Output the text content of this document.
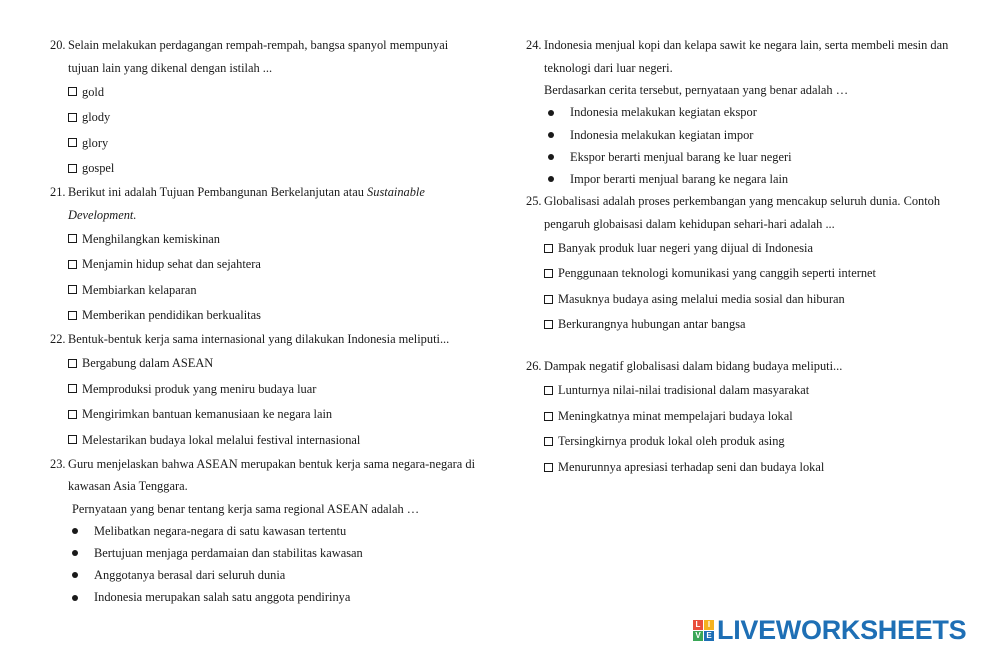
20. Selain melakukan perdagangan rempah-rempah, bangsa spanyol mempunyai
tujuan lain yang dikenal dengan istilah ...
gold
glody
glory
gospel
21. Berikut ini adalah Tujuan Pembangunan Berkelanjutan atau Sustainable
Development.
Menghilangkan kemiskinan
Menjamin hidup sehat dan sejahtera
Membiarkan kelaparan
Memberikan pendidikan berkualitas
22. Bentuk-bentuk kerja sama internasional yang dilakukan Indonesia meliputi...
Bergabung dalam ASEAN
Memproduksi produk yang meniru budaya luar
Mengirimkan bantuan kemanusiaan ke negara lain
Melestarikan budaya lokal melalui festival internasional
23. Guru menjelaskan bahwa ASEAN merupakan bentuk kerja sama negara-negara di
kawasan Asia Tenggara.
Pernyataan yang benar tentang kerja sama regional ASEAN adalah …
Melibatkan negara-negara di satu kawasan tertentu
Bertujuan menjaga perdamaian dan stabilitas kawasan
Anggotanya berasal dari seluruh dunia
Indonesia merupakan salah satu anggota pendirinya
24. Indonesia menjual kopi dan kelapa sawit ke negara lain, serta membeli mesin dan
teknologi dari luar negeri.
Berdasarkan cerita tersebut, pernyataan yang benar adalah …
Indonesia melakukan kegiatan ekspor
Indonesia melakukan kegiatan impor
Ekspor berarti menjual barang ke luar negeri
Impor berarti menjual barang ke negara lain
25. Globalisasi adalah proses perkembangan yang mencakup seluruh dunia. Contoh
pengaruh globaisasi dalam kehidupan sehari-hari adalah ...
Banyak produk luar negeri yang dijual di Indonesia
Penggunaan teknologi komunikasi yang canggih seperti internet
Masuknya budaya asing melalui media sosial dan hiburan
Berkurangnya hubungan antar bangsa
26. Dampak negatif globalisasi dalam bidang budaya meliputi...
Lunturnya nilai-nilai tradisional dalam masyarakat
Meningkatnya minat mempelajari budaya lokal
Tersingkirnya produk lokal oleh produk asing
Menurunnya apresiasi terhadap seni dan budaya lokal
L I
V E LIVEWORKSHEETS
